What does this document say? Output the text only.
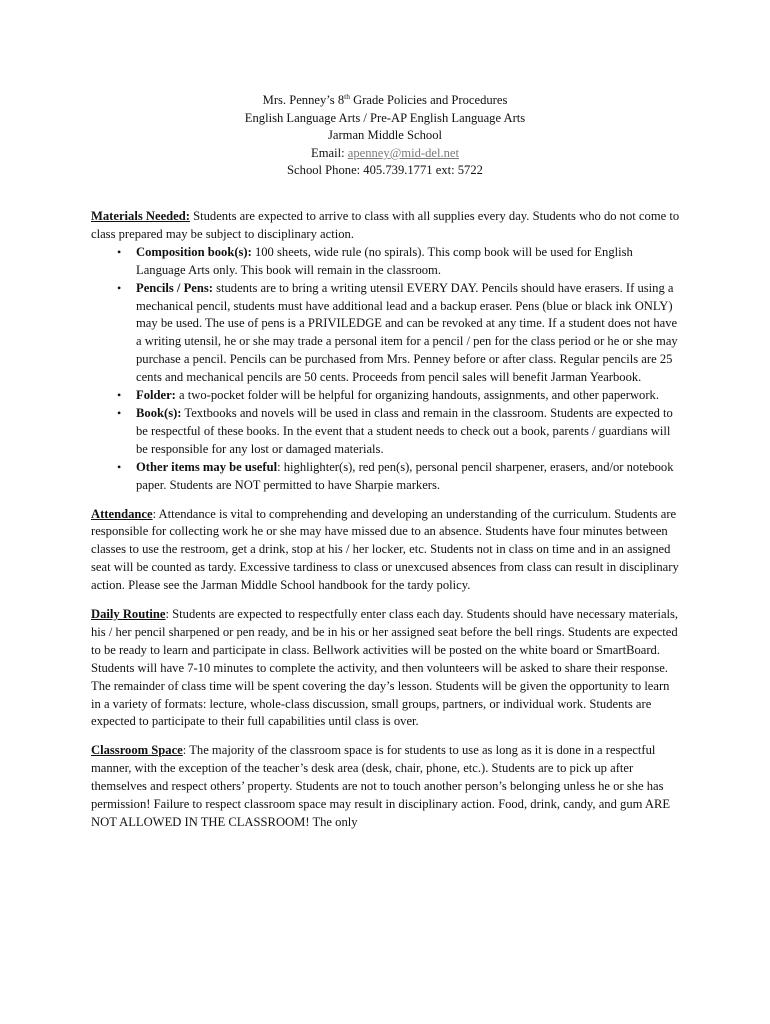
Mrs. Penney’s 8th Grade Policies and Procedures
English Language Arts / Pre-AP English Language Arts
Jarman Middle School
Email: apenney@mid-del.net
School Phone: 405.739.1771 ext: 5722
Materials Needed: Students are expected to arrive to class with all supplies every day. Students who do not come to class prepared may be subject to disciplinary action.
• Composition book(s): 100 sheets, wide rule (no spirals). This comp book will be used for English Language Arts only. This book will remain in the classroom.
• Pencils / Pens: students are to bring a writing utensil EVERY DAY. Pencils should have erasers. If using a mechanical pencil, students must have additional lead and a backup eraser. Pens (blue or black ink ONLY) may be used. The use of pens is a PRIVILEDGE and can be revoked at any time. If a student does not have a writing utensil, he or she may trade a personal item for a pencil / pen for the class period or he or she may purchase a pencil. Pencils can be purchased from Mrs. Penney before or after class. Regular pencils are 25 cents and mechanical pencils are 50 cents. Proceeds from pencil sales will benefit Jarman Yearbook.
• Folder: a two-pocket folder will be helpful for organizing handouts, assignments, and other paperwork.
• Book(s): Textbooks and novels will be used in class and remain in the classroom. Students are expected to be respectful of these books. In the event that a student needs to check out a book, parents / guardians will be responsible for any lost or damaged materials.
• Other items may be useful: highlighter(s), red pen(s), personal pencil sharpener, erasers, and/or notebook paper. Students are NOT permitted to have Sharpie markers.
Attendance: Attendance is vital to comprehending and developing an understanding of the curriculum. Students are responsible for collecting work he or she may have missed due to an absence. Students have four minutes between classes to use the restroom, get a drink, stop at his / her locker, etc. Students not in class on time and in an assigned seat will be counted as tardy. Excessive tardiness to class or unexcused absences from class can result in disciplinary action. Please see the Jarman Middle School handbook for the tardy policy.
Daily Routine: Students are expected to respectfully enter class each day. Students should have necessary materials, his / her pencil sharpened or pen ready, and be in his or her assigned seat before the bell rings. Students are expected to be ready to learn and participate in class. Bellwork activities will be posted on the white board or SmartBoard. Students will have 7-10 minutes to complete the activity, and then volunteers will be asked to share their response. The remainder of class time will be spent covering the day’s lesson. Students will be given the opportunity to learn in a variety of formats: lecture, whole-class discussion, small groups, partners, or individual work. Students are expected to participate to their full capabilities until class is over.
Classroom Space: The majority of the classroom space is for students to use as long as it is done in a respectful manner, with the exception of the teacher’s desk area (desk, chair, phone, etc.). Students are to pick up after themselves and respect others’ property. Students are not to touch another person’s belonging unless he or she has permission! Failure to respect classroom space may result in disciplinary action. Food, drink, candy, and gum ARE NOT ALLOWED IN THE CLASSROOM! The only
